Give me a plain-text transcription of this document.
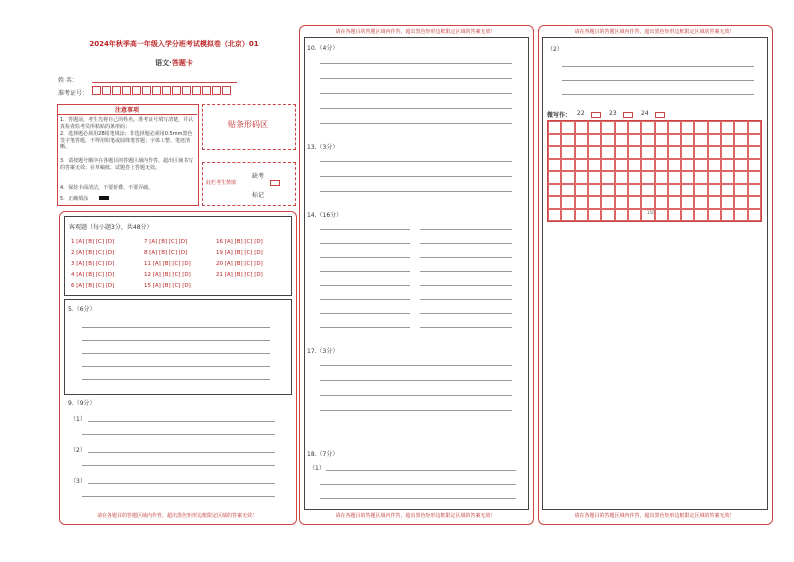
2024年秋季高一年级入学分班考试模拟卷（北京）01
语文·答题卡
姓 名：
准考证号：
注意事项
1．答题前，考生先将自己的姓名，准考证号填写清楚，并认真检查监考员所粘贴的条形码；
2．选择题必须用2B铅笔填涂；非选择题必须用0.5mm黑色签字笔答题，不得用铅笔或圆珠笔答题；字体工整、笔迹清晰。
3．请按题号顺序在各题目的答题区域内作答，超出区域书写的答案无效；在草稿纸、试题卷上答题无效。
4．保持卡面清洁，不要折叠、不要弄破。
5．正确填涂
贴条形码区
此栏考生禁填
缺考
标记
客观题（每小题3分，共48分）
1 [A] [B] [C] [D]
2 [A] [B] [C] [D]
3 [A] [B] [C] [D]
4 [A] [B] [C] [D]
6 [A] [B] [C] [D]
7 [A] [B] [C] [D]
8 [A] [B] [C] [D]
11 [A] [B] [C] [D]
12 [A] [B] [C] [D]
15 [A] [B] [C] [D]
16 [A] [B] [C] [D]
19 [A] [B] [C] [D]
20 [A] [B] [C] [D]
21 [A] [B] [C] [D]
5.（6分）
9.（9分）
（1）
（2）
（3）
请在各题目的答题区域内作答，超出黑色矩形边框限定区域的答案无效！
请在各题目的答题区域内作答，超出黑色矩形边框限定区域的答案无效！
10.（4分）
13.（3分）
14.（16分）
17.（3分）
18.（7分）
（1）
请在各题目的答题区域内作答，超出黑色矩形边框限定区域的答案无效！
请在各题目的答题区域内作答，超出黑色矩形边框限定区域的答案无效！
（2）
微写作： 22	23	24
150
请在各题目的答题区域内作答，超出黑色矩形边框限定区域的答案无效！
